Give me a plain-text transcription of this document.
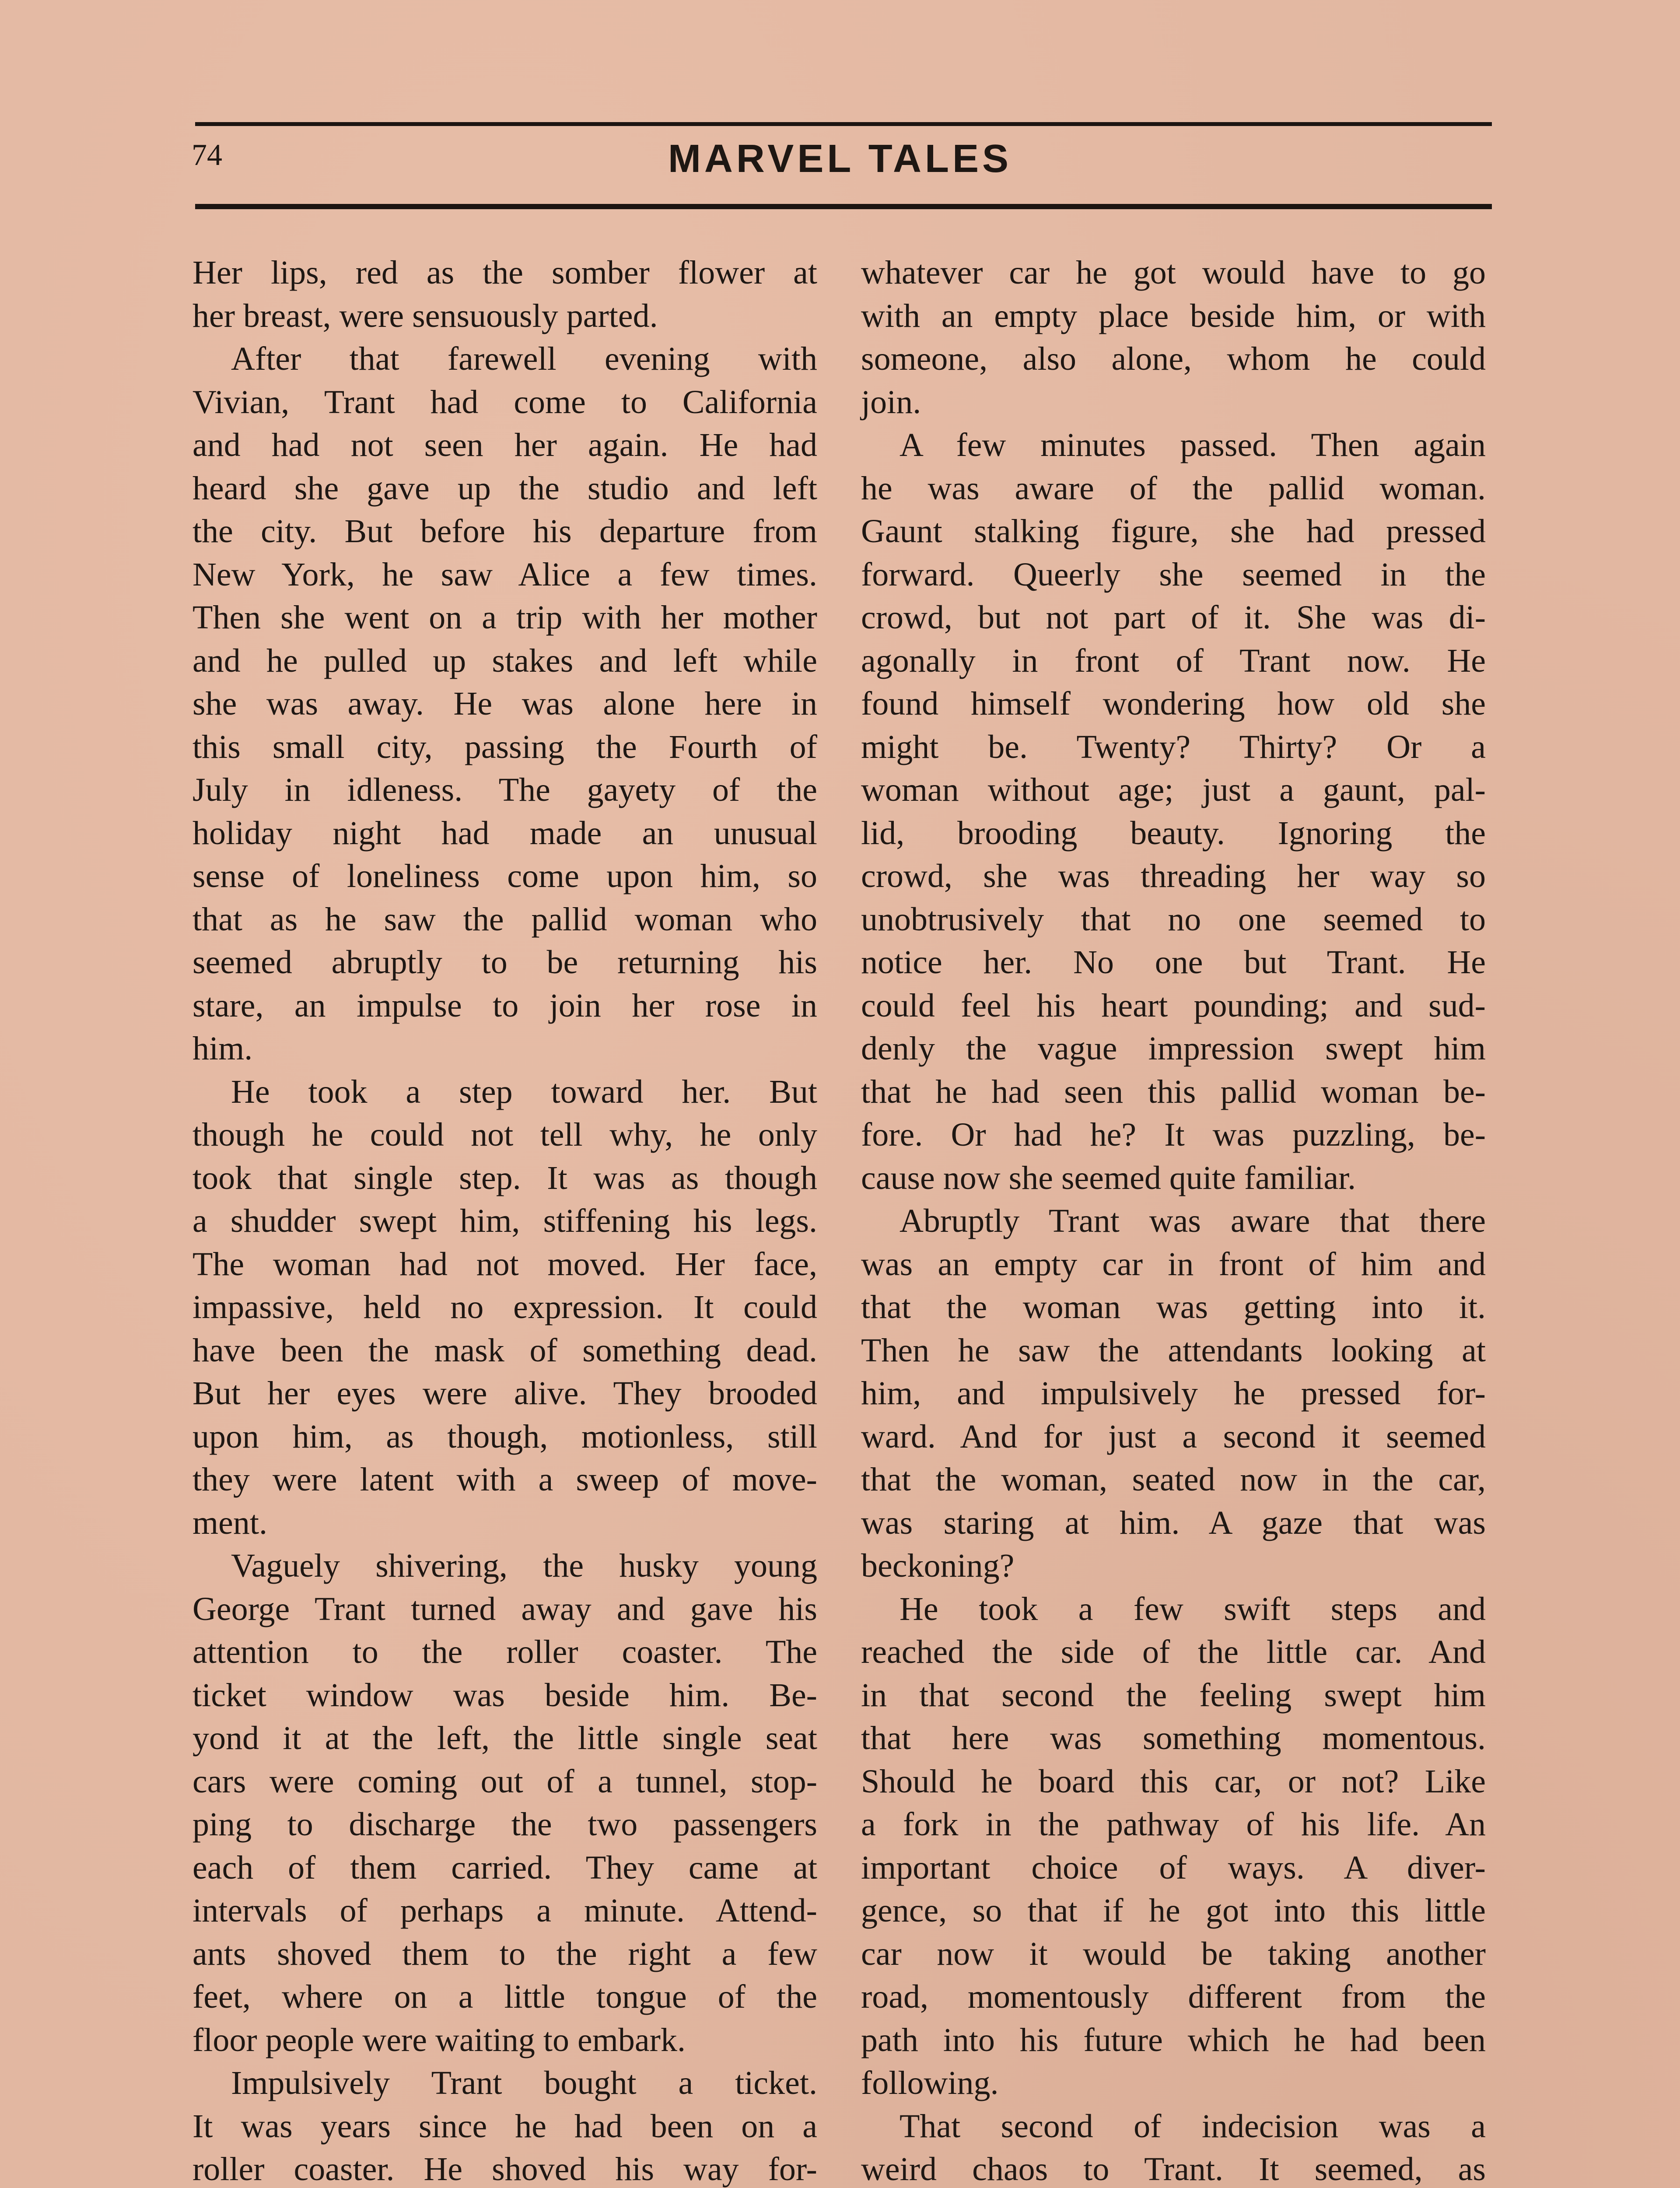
74	MARVEL TALES
Her lips, red as the somber flower at
her breast, were sensuously parted.
After that farewell evening with
Vivian, Trant had come to California
and had not seen her again. He had
heard she gave up the studio and left
the city. But before his departure from
New York, he saw Alice a few times.
Then she went on a trip with her mother
and he pulled up stakes and left while
she was away. He was alone here in
this small city, passing the Fourth of
July in idleness. The gayety of the
holiday night had made an unusual
sense of loneliness come upon him, so
that as he saw the pallid woman who
seemed abruptly to be returning his
stare, an impulse to join her rose in
him.
He took a step toward her. But
though he could not tell why, he only
took that single step. It was as though
a shudder swept him, stiffening his legs.
The woman had not moved. Her face,
impassive, held no expression. It could
have been the mask of something dead.
But her eyes were alive. They brooded
upon him, as though, motionless, still
they were latent with a sweep of move-
ment.
Vaguely shivering, the husky young
George Trant turned away and gave his
attention to the roller coaster. The
ticket window was beside him. Be-
yond it at the left, the little single seat
cars were coming out of a tunnel, stop-
ping to discharge the two passengers
each of them carried. They came at
intervals of perhaps a minute. Attend-
ants shoved them to the right a few
feet, where on a little tongue of the
floor people were waiting to embark.
Impulsively Trant bought a ticket.
It was years since he had been on a
roller coaster. He shoved his way for-
whatever car he got would have to go
with an empty place beside him, or with
someone, also alone, whom he could
join.
A few minutes passed. Then again
he was aware of the pallid woman.
Gaunt stalking figure, she had pressed
forward. Queerly she seemed in the
crowd, but not part of it. She was di-
agonally in front of Trant now. He
found himself wondering how old she
might be. Twenty? Thirty? Or a
woman without age; just a gaunt, pal-
lid, brooding beauty. Ignoring the
crowd, she was threading her way so
unobtrusively that no one seemed to
notice her. No one but Trant. He
could feel his heart pounding; and sud-
denly the vague impression swept him
that he had seen this pallid woman be-
fore. Or had he? It was puzzling, be-
cause now she seemed quite familiar.
Abruptly Trant was aware that there
was an empty car in front of him and
that the woman was getting into it.
Then he saw the attendants looking at
him, and impulsively he pressed for-
ward. And for just a second it seemed
that the woman, seated now in the car,
was staring at him. A gaze that was
beckoning?
He took a few swift steps and
reached the side of the little car. And
in that second the feeling swept him
that here was something momentous.
Should he board this car, or not? Like
a fork in the pathway of his life. An
important choice of ways. A diver-
gence, so that if he got into this little
car now it would be taking another
road, momentously different from the
path into his future which he had been
following.
That second of indecision was a
weird chaos to Trant. It seemed, as
